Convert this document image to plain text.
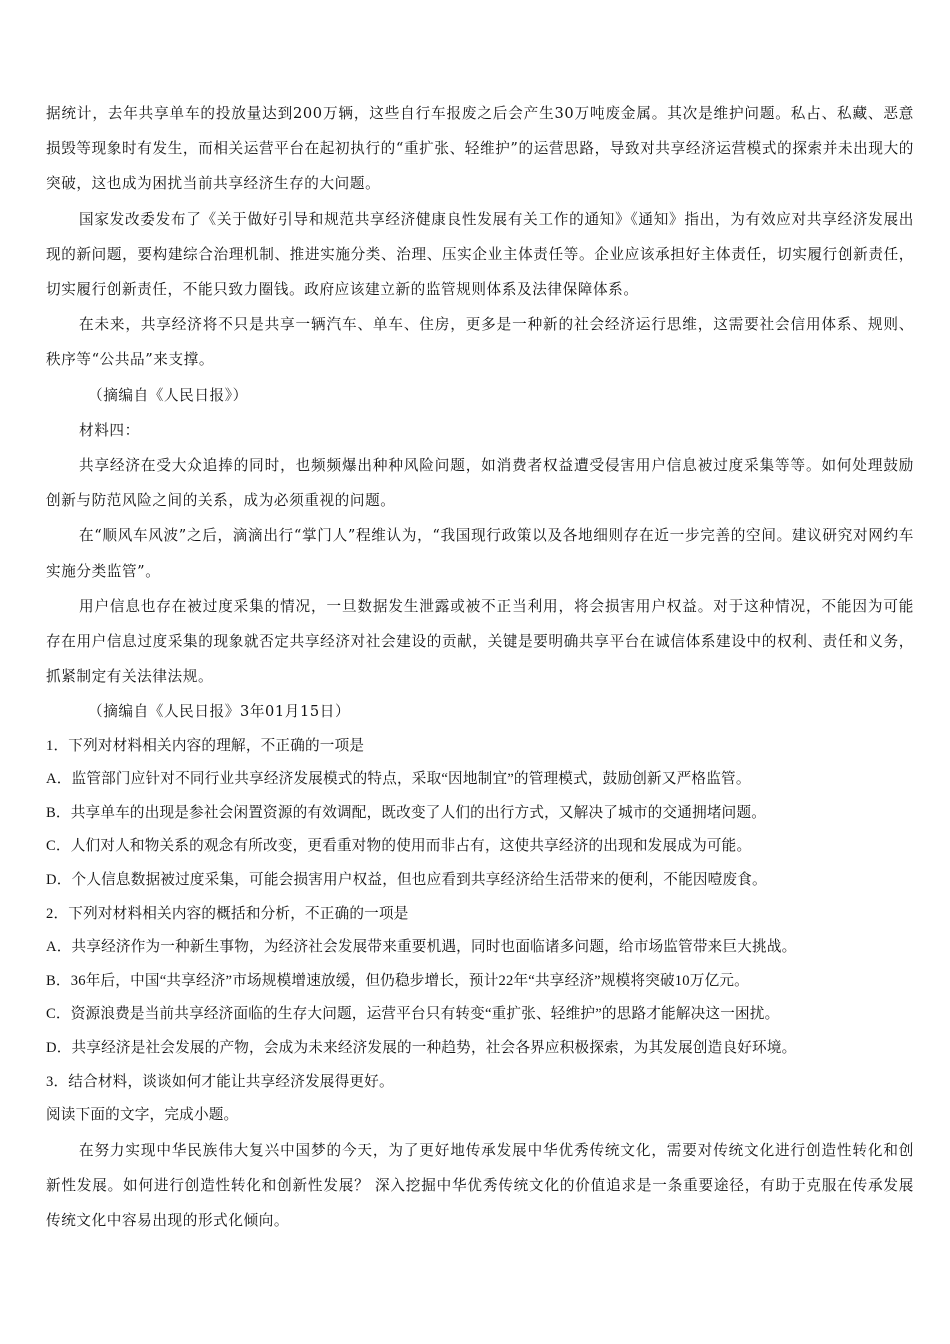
据统计，去年共享单车的投放量达到200万辆，这些自行车报废之后会产生30万吨废金属。其次是维护问题。私占、私藏、恶意损毁等现象时有发生，而相关运营平台在起初执行的“重扩张、轻维护”的运营思路，导致对共享经济运营模式的探索并未出现大的突破，这也成为困扰当前共享经济生存的大问题。

国家发改委发布了《关于做好引导和规范共享经济健康良性发展有关工作的通知》《通知》指出，为有效应对共享经济发展出现的新问题，要构建综合治理机制、推进实施分类、治理、压实企业主体责任等。企业应该承担好主体责任，切实履行创新责任，切实履行创新责任，不能只致力圈钱。政府应该建立新的监管规则体系及法律保障体系。

在未来，共享经济将不只是共享一辆汽车、单车、住房，更多是一种新的社会经济运行思维，这需要社会信用体系、规则、秩序等“公共品”来支撑。

（摘编自《人民日报》）

材料四：

共享经济在受大众追捧的同时，也频频爆出种种风险问题，如消费者权益遭受侵害用户信息被过度采集等等。如何处理鼓励创新与防范风险之间的关系，成为必须重视的问题。

在“顺风车风波”之后，滴滴出行“掌门人”程维认为，“我国现行政策以及各地细则存在近一步完善的空间。建议研究对网约车实施分类监管”。

用户信息也存在被过度采集的情况，一旦数据发生泄露或被不正当利用，将会损害用户权益。对于这种情况，不能因为可能存在用户信息过度采集的现象就否定共享经济对社会建设的贡献，关键是要明确共享平台在诚信体系建设中的权利、责任和义务，抓紧制定有关法律法规。

（摘编自《人民日报》3年01月15日）

1．下列对材料相关内容的理解，不正确的一项是

A．监管部门应针对不同行业共享经济发展模式的特点，采取“因地制宜”的管理模式，鼓励创新又严格监管。

B．共享单车的出现是参社会闲置资源的有效调配，既改变了人们的出行方式，又解决了城市的交通拥堵问题。

C．人们对人和物关系的观念有所改变，更看重对物的使用而非占有，这使共享经济的出现和发展成为可能。

D．个人信息数据被过度采集，可能会损害用户权益，但也应看到共享经济给生活带来的便利，不能因噎废食。

2．下列对材料相关内容的概括和分析，不正确的一项是

A．共享经济作为一种新生事物，为经济社会发展带来重要机遇，同时也面临诸多问题，给市场监管带来巨大挑战。

B．36年后，中国“共享经济”市场规模增速放缓，但仍稳步增长，预计22年“共享经济”规模将突破10万亿元。

C．资源浪费是当前共享经济面临的生存大问题，运营平台只有转变“重扩张、轻维护”的思路才能解决这一困扰。

D．共享经济是社会发展的产物，会成为未来经济发展的一种趋势，社会各界应积极探索，为其发展创造良好环境。

3．结合材料，谈谈如何才能让共享经济发展得更好。

阅读下面的文字，完成小题。

在努力实现中华民族伟大复兴中国梦的今天，为了更好地传承发展中华优秀传统文化，需要对传统文化进行创造性转化和创新性发展。如何进行创造性转化和创新性发展？ 深入挖掘中华优秀传统文化的价值追求是一条重要途径，有助于克服在传承发展传统文化中容易出现的形式化倾向。
